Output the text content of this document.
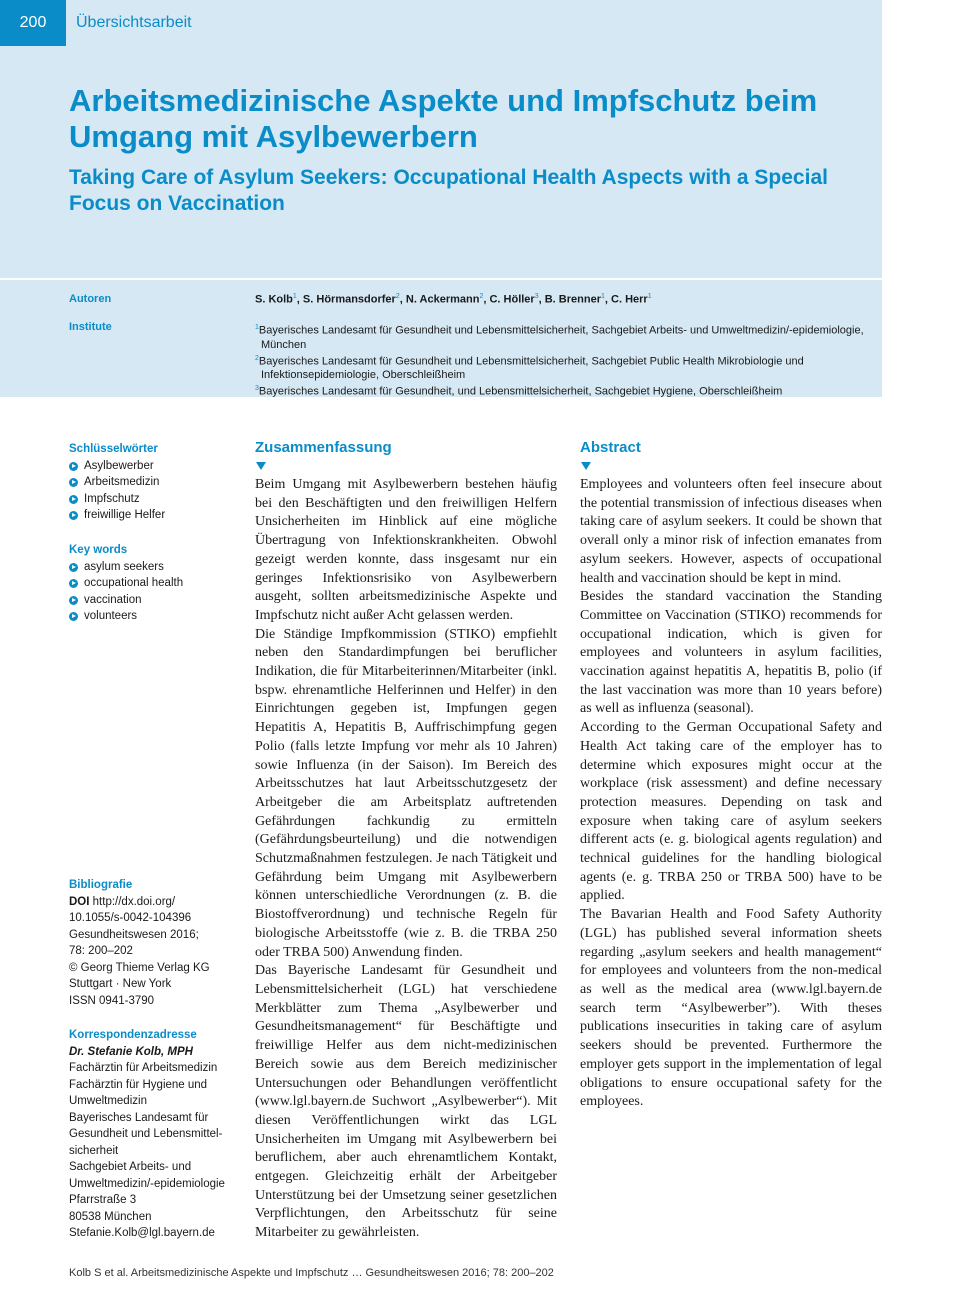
200	Übersichtsarbeit
Arbeitsmedizinische Aspekte und Impfschutz beim Umgang mit Asylbewerbern
Taking Care of Asylum Seekers: Occupational Health Aspects with a Special Focus on Vaccination
Autoren	S. Kolb$^1$, S. Hörmansdorfer$^2$, N. Ackermann$^2$, C. Höller$^3$, B. Brenner$^1$, C. Herr$^1$
Institute	$^1$Bayerisches Landesamt für Gesundheit und Lebensmittelsicherheit, Sachgebiet Arbeits- und Umweltmedizin/-epidemiologie, München
$^2$Bayerisches Landesamt für Gesundheit und Lebensmittelsicherheit, Sachgebiet Public Health Mikrobiologie und Infektionsepidemiologie, Oberschleißheim
$^3$Bayerisches Landesamt für Gesundheit, und Lebensmittelsicherheit, Sachgebiet Hygiene, Oberschleißheim
Schlüsselwörter
Asylbewerber
Arbeitsmedizin
Impfschutz
freiwillige Helfer
Key words
asylum seekers
occupational health
vaccination
volunteers
Bibliografie
DOI http://dx.doi.org/
10.1055/s-0042-104396
Gesundheitswesen 2016;
78: 200–202
© Georg Thieme Verlag KG
Stuttgart · New York
ISSN 0941-3790
Korrespondenzadresse
Dr. Stefanie Kolb, MPH
Fachärztin für Arbeitsmedizin
Fachärztin für Hygiene und
Umweltmedizin
Bayerisches Landesamt für
Gesundheit und Lebensmittel-
sicherheit
Sachgebiet Arbeits- und
Umweltmedizin/-epidemiologie
Pfarrstraße 3
80538 München
Stefanie.Kolb@lgl.bayern.de
Zusammenfassung

Beim Umgang mit Asylbewerbern bestehen häufig bei den Beschäftigten und den freiwilligen Helfern Unsicherheiten im Hinblick auf eine mögliche Übertragung von Infektionskrankheiten. Obwohl gezeigt werden konnte, dass insgesamt nur ein geringes Infektionsrisiko von Asylbewerbern ausgeht, sollten arbeitsmedizinische Aspekte und Impfschutz nicht außer Acht gelassen werden.

Die Ständige Impfkommission (STIKO) empfiehlt neben den Standardimpfungen bei beruflicher Indikation, die für Mitarbeiterinnen/Mitarbeiter (inkl. bspw. ehrenamtliche Helferinnen und Helfer) in den Einrichtungen gegeben ist, Impfungen gegen Hepatitis A, Hepatitis B, Auffrischimpfung gegen Polio (falls letzte Impfung vor mehr als 10 Jahren) sowie Influenza (in der Saison). Im Bereich des Arbeitsschutzes hat laut Arbeitsschutzgesetz der Arbeitgeber die am Arbeitsplatz auftretenden Gefährdungen fachkundig zu ermitteln (Gefährdungsbeurteilung) und die notwendigen Schutzmaßnahmen festzulegen. Je nach Tätigkeit und Gefährdung beim Umgang mit Asylbewerbern können unterschiedliche Verordnungen (z. B. die Biostoffverordnung) und technische Regeln für biologische Arbeitsstoffe (wie z. B. die TRBA 250 oder TRBA 500) Anwendung finden.

Das Bayerische Landesamt für Gesundheit und Lebensmittelsicherheit (LGL) hat verschiedene Merkblätter zum Thema „Asylbewerber und Gesundheitsmanagement“ für Beschäftigte und freiwillige Helfer aus dem nicht-medizinischen Bereich sowie aus dem Bereich medizinischer Untersuchungen oder Behandlungen veröffentlicht (www.lgl.bayern.de Suchwort „Asylbewerber“). Mit diesen Veröffentlichungen wirkt das LGL Unsicherheiten im Umgang mit Asylbewerbern bei beruflichem, aber auch ehrenamtlichem Kontakt, entgegen. Gleichzeitig erhält der Arbeitgeber Unterstützung bei der Umsetzung seiner gesetzlichen Verpflichtungen, den Arbeitsschutz für seine Mitarbeiter zu gewährleisten.

Abstract

Employees and volunteers often feel insecure about the potential transmission of infectious diseases when taking care of asylum seekers. It could be shown that overall only a minor risk of infection emanates from asylum seekers. However, aspects of occupational health and vaccination should be kept in mind.

Besides the standard vaccination the Standing Committee on Vaccination (STIKO) recommends for occupational indication, which is given for employees and volunteers in asylum facilities, vaccination against hepatitis A, hepatitis B, polio (if the last vaccination was more than 10 years before) as well as influenza (seasonal).

According to the German Occupational Safety and Health Act taking care of the employer has to determine which exposures might occur at the workplace (risk assessment) and define necessary protection measures. Depending on task and exposure when taking care of asylum seekers different acts (e. g. biological agents regulation) and technical guidelines for the handling biological agents (e. g. TRBA 250 or TRBA 500) have to be applied.

The Bavarian Health and Food Safety Authority (LGL) has published several information sheets regarding „asylum seekers and health management“ for employees and volunteers from the non-medical as well as the medical area (www.lgl.bayern.de search term “Asylbewerber”). With theses publications insecurities in taking care of asylum seekers should be prevented. Furthermore the employer gets support in the implementation of legal obligations to ensure occupational safety for the employees.

Kolb S et al. Arbeitsmedizinische Aspekte und Impfschutz … Gesundheitswesen 2016; 78: 200–202
